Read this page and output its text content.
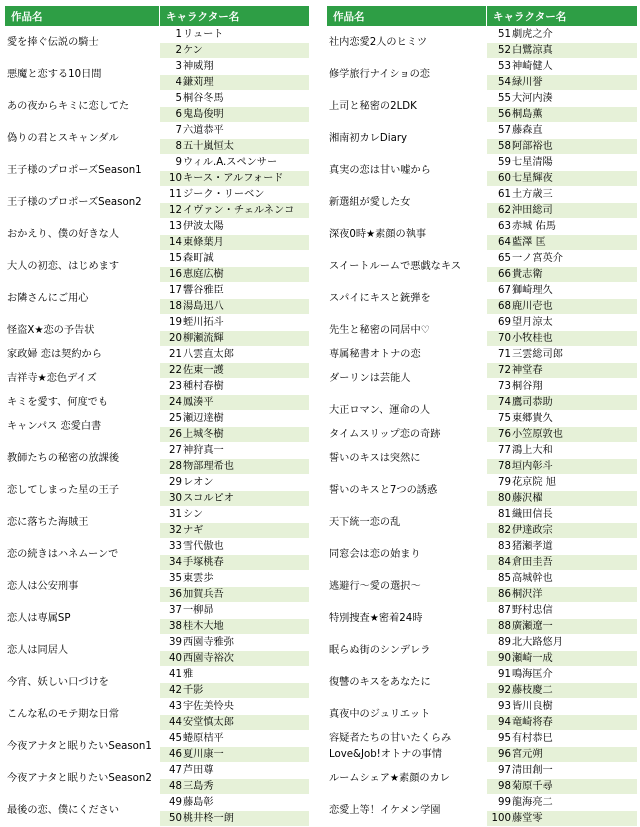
作品名	キャラクター名
愛を捧ぐ伝説の騎士	1リュート
	2ケン
悪魔と恋する10日間	3神威翔
	4鎌苅理
あの夜からキミに恋してた	5桐谷冬馬
	6鬼島俊明
偽りの君とスキャンダル	7六道恭平
	8五十嵐恒太
王子様のプロポーズSeason1	9ウィル.A.スペンサー
	10キース・アルフォード
王子様のプロポーズSeason2	11ジーク・リーベン
	12イヴァン・チェルネンコ
おかえり、僕の好きな人	13伊波太陽
	14東條葉月
大人の初恋、はじめます	15森町誠
	16恵庭広樹
お隣さんにご用心	17響谷雅臣
	18湯島迅八
怪盗X★恋の予告状	19蛭川拓斗
	20柳瀬流輝
家政婦 恋は契約から	21八雲直太郎
吉祥寺★恋色デイズ	22佐東一護
	23種村春樹
キミを愛す、何度でも	24鳳湊平
キャンパス 恋愛白書	25瀬辺達樹
	26上城冬樹
教師たちの秘密の放課後	27神狩真一
	28物部理希也
恋してしまった星の王子	29レオン
	30スコルピオ
恋に落ちた海賊王	31シン
	32ナギ
恋の続きはハネムーンで	33雪代傲也
	34手塚桃春
恋人は公安刑事	35東雲歩
	36加賀兵吾
恋人は専属SP	37一柳昴
	38桂木大地
恋人は同居人	39西園寺雅弥
	40西園寺裕次
今宵、妖しい口づけを	41雅
	42千影
こんな私のモテ期な日常	43宇佐美怜央
	44安堂慎太郎
今夜アナタと眠りたいSeason1	45蜷原桔平
	46夏川康一
今夜アナタと眠りたいSeason2	47芦田尊
	48三島秀
最後の恋、僕にください	49藤島彰
	50桃井柊一朗
作品名	キャラクター名
社内恋愛2人のヒミツ	51劇虎之介
	52白鷺涼真
修学旅行ナイショの恋	53神崎健人
	54緑川誉
上司と秘密の2LDK	55大河内湊
	56桐島薫
湘南初カレDiary	57藤森直
	58阿部裕也
真実の恋は甘い嘘から	59七星清陽
	60七星輝夜
新選組が愛した女	61土方歳三
	62沖田総司
深夜0時★素顔の執事	63赤城 佑馬
	64藍澤 匡
スイートルームで悪戯なキス	65一ノ宮英介
	66貴志衛
スパイにキスと銃弾を	67獅崎理久
	68鹿川壱也
先生と秘密の同居中♡	69望月涼太
	70小牧桂也
専属秘書オトナの恋	71三雲総司郎
ダーリンは芸能人	72神堂春
	73桐谷翔
大正ロマン、運命の人	74鷹司恭助
	75東郷貴久
タイムスリップ恋の奇跡	76小笠原敦也
誓いのキスは突然に	77鴻上大和
	78垣内彰斗
誓いのキスと7つの誘惑	79花京院 旭
	80藤沢櫂
天下統一恋の乱	81織田信長
	82伊達政宗
同窓会は恋の始まり	83猪瀬孝道
	84倉田圭吾
逃避行～愛の選択～	85高城幹也
	86桐沢洋
特別捜査★密着24時	87野村忠信
	88廣瀬遼一
眠らぬ街のシンデレラ	89北大路悠月
	90瀬崎一成
復讐のキスをあなたに	91鳴海匡介
	92藤枝慶二
真夜中のジュリエット	93皆川良樹
	94竜崎将春
容疑者たちの甘いたくらみ	95有村恭巳
Love&Job!オトナの事情	96宮元朔
ルームシェア★素顔のカレ	97清田創一
	98菊原千尋
恋愛上等！イケメン学園	99龍海亮二
	100藤堂零
